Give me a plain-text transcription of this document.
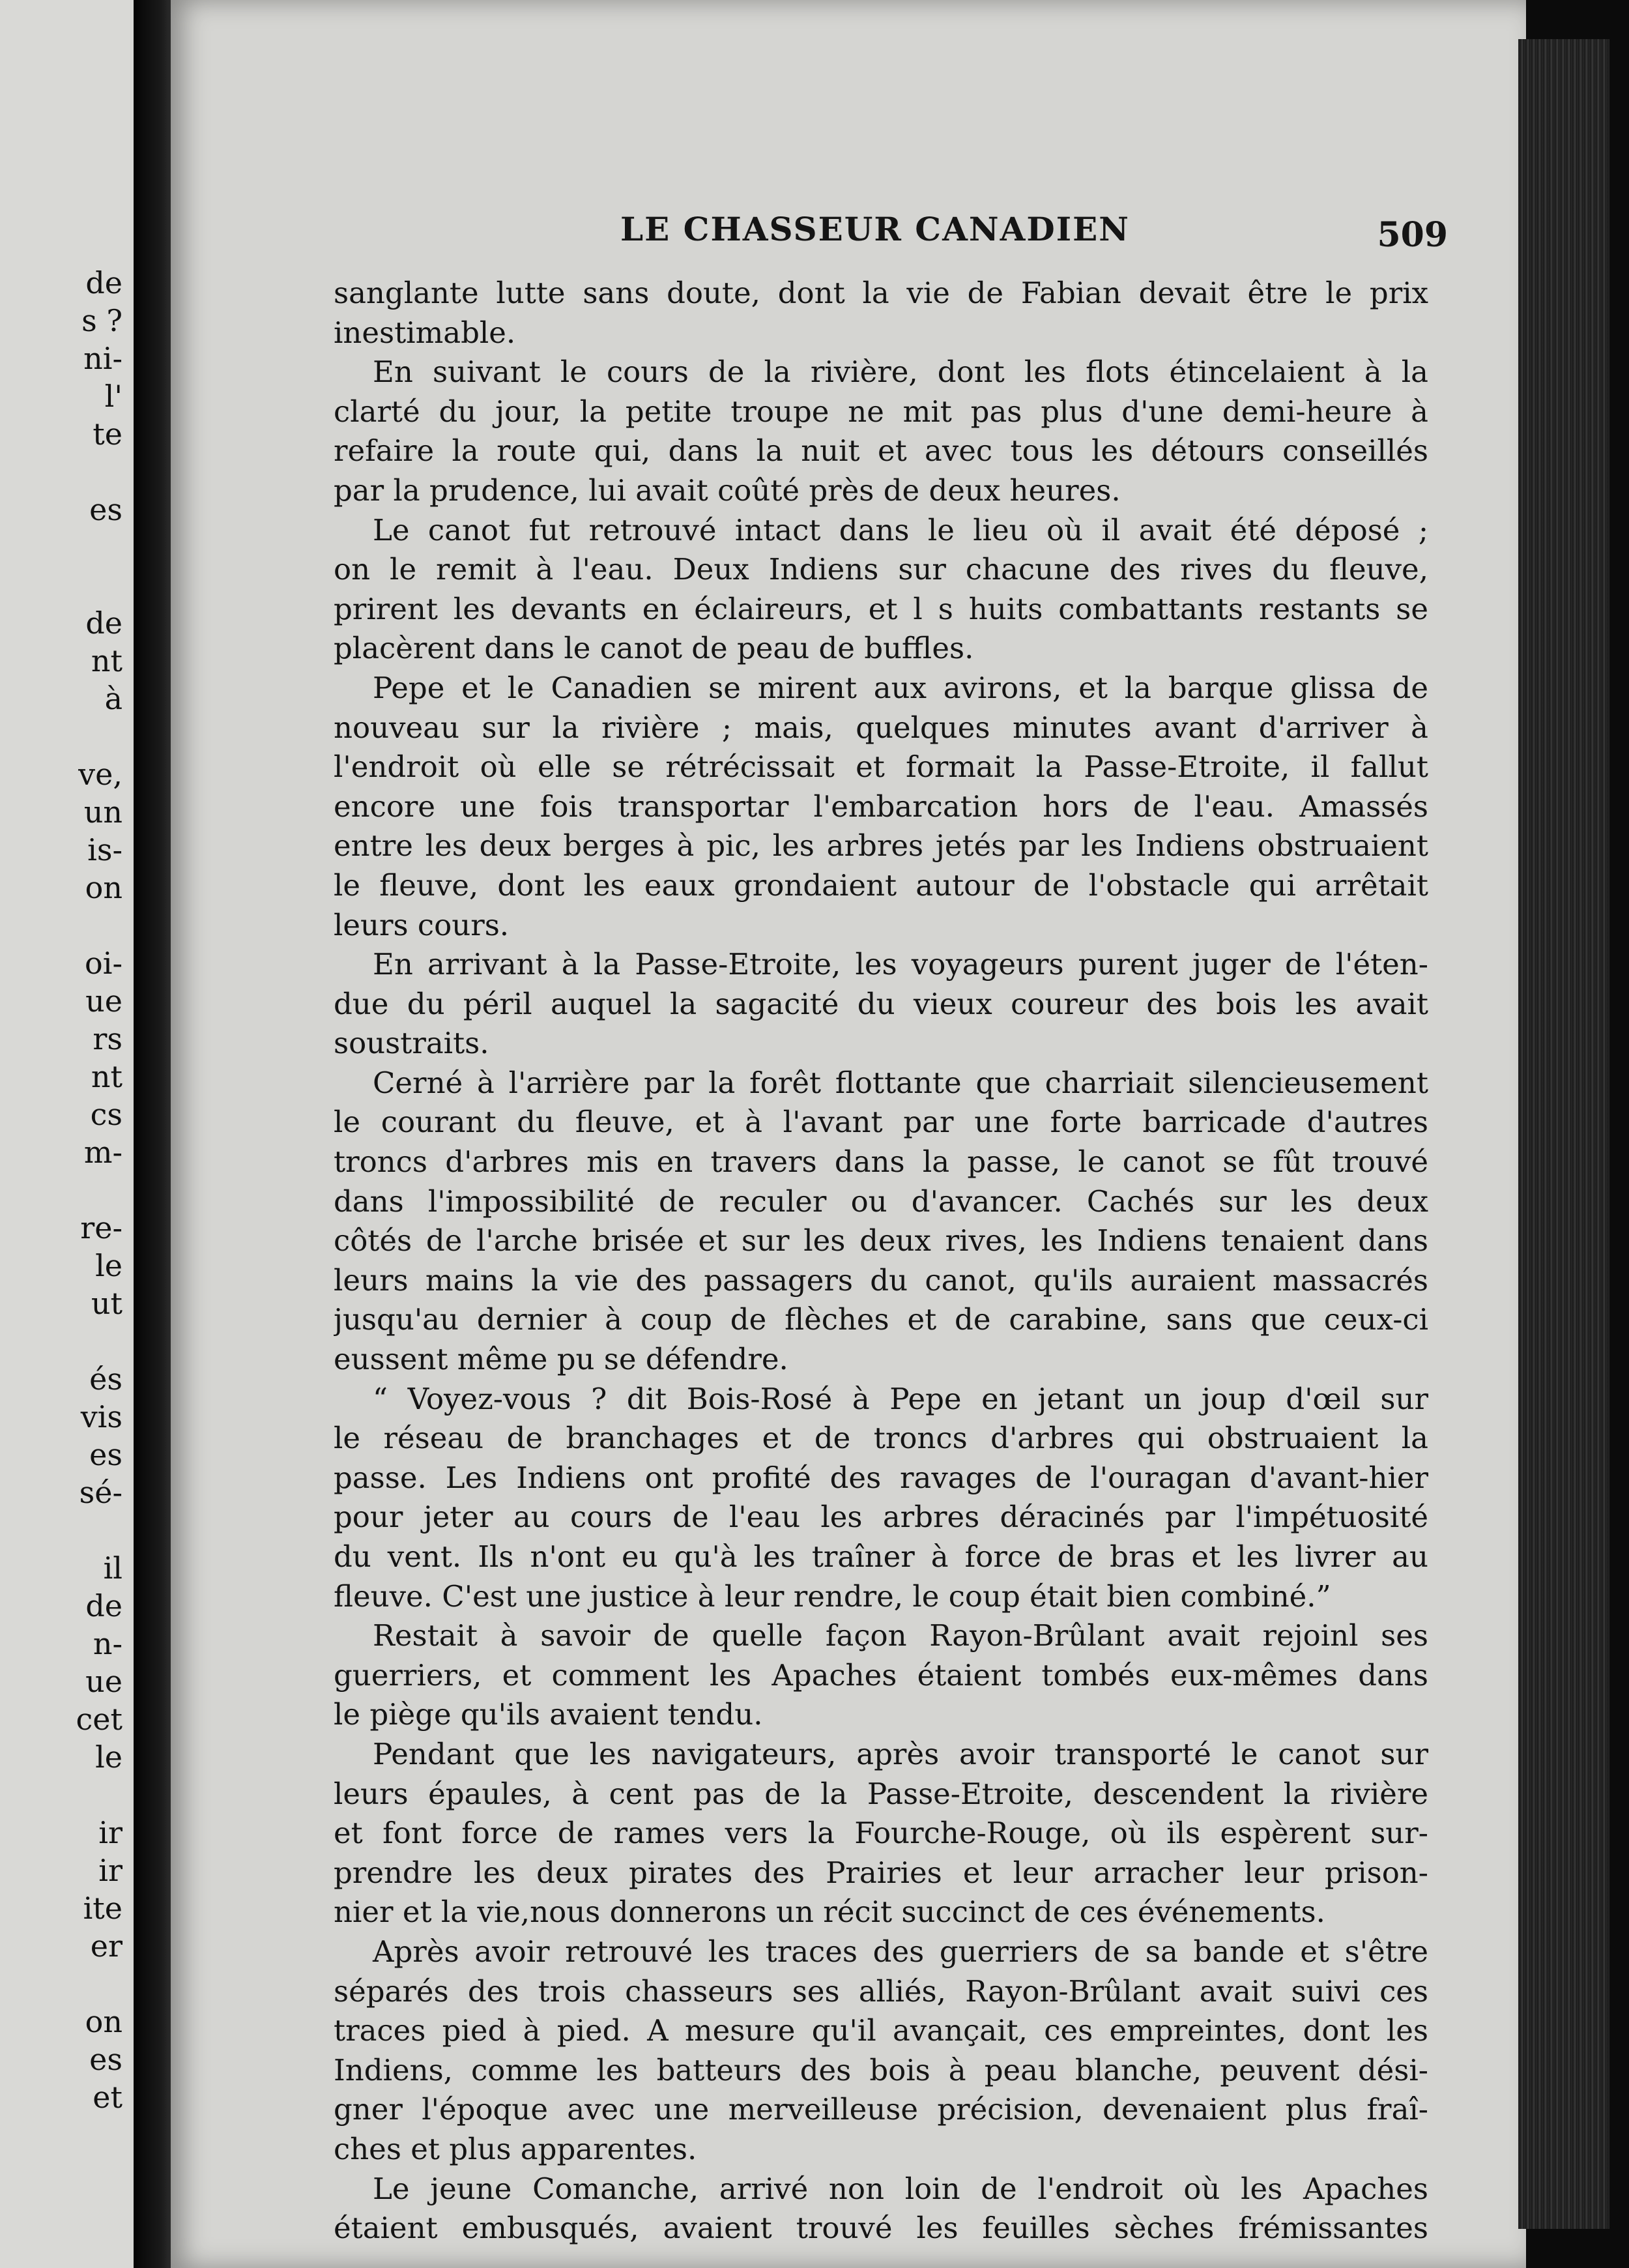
de
s ?
ni-
l'
te
es
de
nt
à
ve,
un
is-
on
oi-
ue
rs
nt
cs
m-
re-
le
ut
és
vis
es
sé-
il
de
n-
ue
cet
le
ir
ir
ite
er
on
es
et
LE CHASSEUR CANADIEN	509
sanglante lutte sans doute, dont la vie de Fabian devait être le prix
inestimable.
En suivant le cours de la rivière, dont les flots étincelaient à la
clarté du jour, la petite troupe ne mit pas plus d'une demi-heure à
refaire la route qui, dans la nuit et avec tous les détours conseillés
par la prudence, lui avait coûté près de deux heures.
Le canot fut retrouvé intact dans le lieu où il avait été déposé ;
on le remit à l'eau. Deux Indiens sur chacune des rives du fleuve,
prirent les devants en éclaireurs, et l s huits combattants restants se
placèrent dans le canot de peau de buffles.
Pepe et le Canadien se mirent aux avirons, et la barque glissa de
nouveau sur la rivière ; mais, quelques minutes avant d'arriver à
l'endroit où elle se rétrécissait et formait la Passe-Etroite, il fallut
encore une fois transportar l'embarcation hors de l'eau. Amassés
entre les deux berges à pic, les arbres jetés par les Indiens obstruaient
le fleuve, dont les eaux grondaient autour de l'obstacle qui arrêtait
leurs cours.
En arrivant à la Passe-Etroite, les voyageurs purent juger de l'éten-
due du péril auquel la sagacité du vieux coureur des bois les avait
soustraits.
Cerné à l'arrière par la forêt flottante que charriait silencieusement
le courant du fleuve, et à l'avant par une forte barricade d'autres
troncs d'arbres mis en travers dans la passe, le canot se fût trouvé
dans l'impossibilité de reculer ou d'avancer. Cachés sur les deux
côtés de l'arche brisée et sur les deux rives, les Indiens tenaient dans
leurs mains la vie des passagers du canot, qu'ils auraient massacrés
jusqu'au dernier à coup de flèches et de carabine, sans que ceux-ci
eussent même pu se défendre.
“ Voyez-vous ? dit Bois-Rosé à Pepe en jetant un joup d'œil sur
le réseau de branchages et de troncs d'arbres qui obstruaient la
passe. Les Indiens ont profité des ravages de l'ouragan d'avant-hier
pour jeter au cours de l'eau les arbres déracinés par l'impétuosité
du vent. Ils n'ont eu qu'à les traîner à force de bras et les livrer au
fleuve. C'est une justice à leur rendre, le coup était bien combiné.”
Restait à savoir de quelle façon Rayon-Brûlant avait rejoinl ses
guerriers, et comment les Apaches étaient tombés eux-mêmes dans
le piège qu'ils avaient tendu.
Pendant que les navigateurs, après avoir transporté le canot sur
leurs épaules, à cent pas de la Passe-Etroite, descendent la rivière
et font force de rames vers la Fourche-Rouge, où ils espèrent sur-
prendre les deux pirates des Prairies et leur arracher leur prison-
nier et la vie,nous donnerons un récit succinct de ces événements.
Après avoir retrouvé les traces des guerriers de sa bande et s'être
séparés des trois chasseurs ses alliés, Rayon-Brûlant avait suivi ces
traces pied à pied. A mesure qu'il avançait, ces empreintes, dont les
Indiens, comme les batteurs des bois à peau blanche, peuvent dési-
gner l'époque avec une merveilleuse précision, devenaient plus fraî-
ches et plus apparentes.
Le jeune Comanche, arrivé non loin de l'endroit où les Apaches
étaient embusqués, avaient trouvé les feuilles sèches frémissantes
